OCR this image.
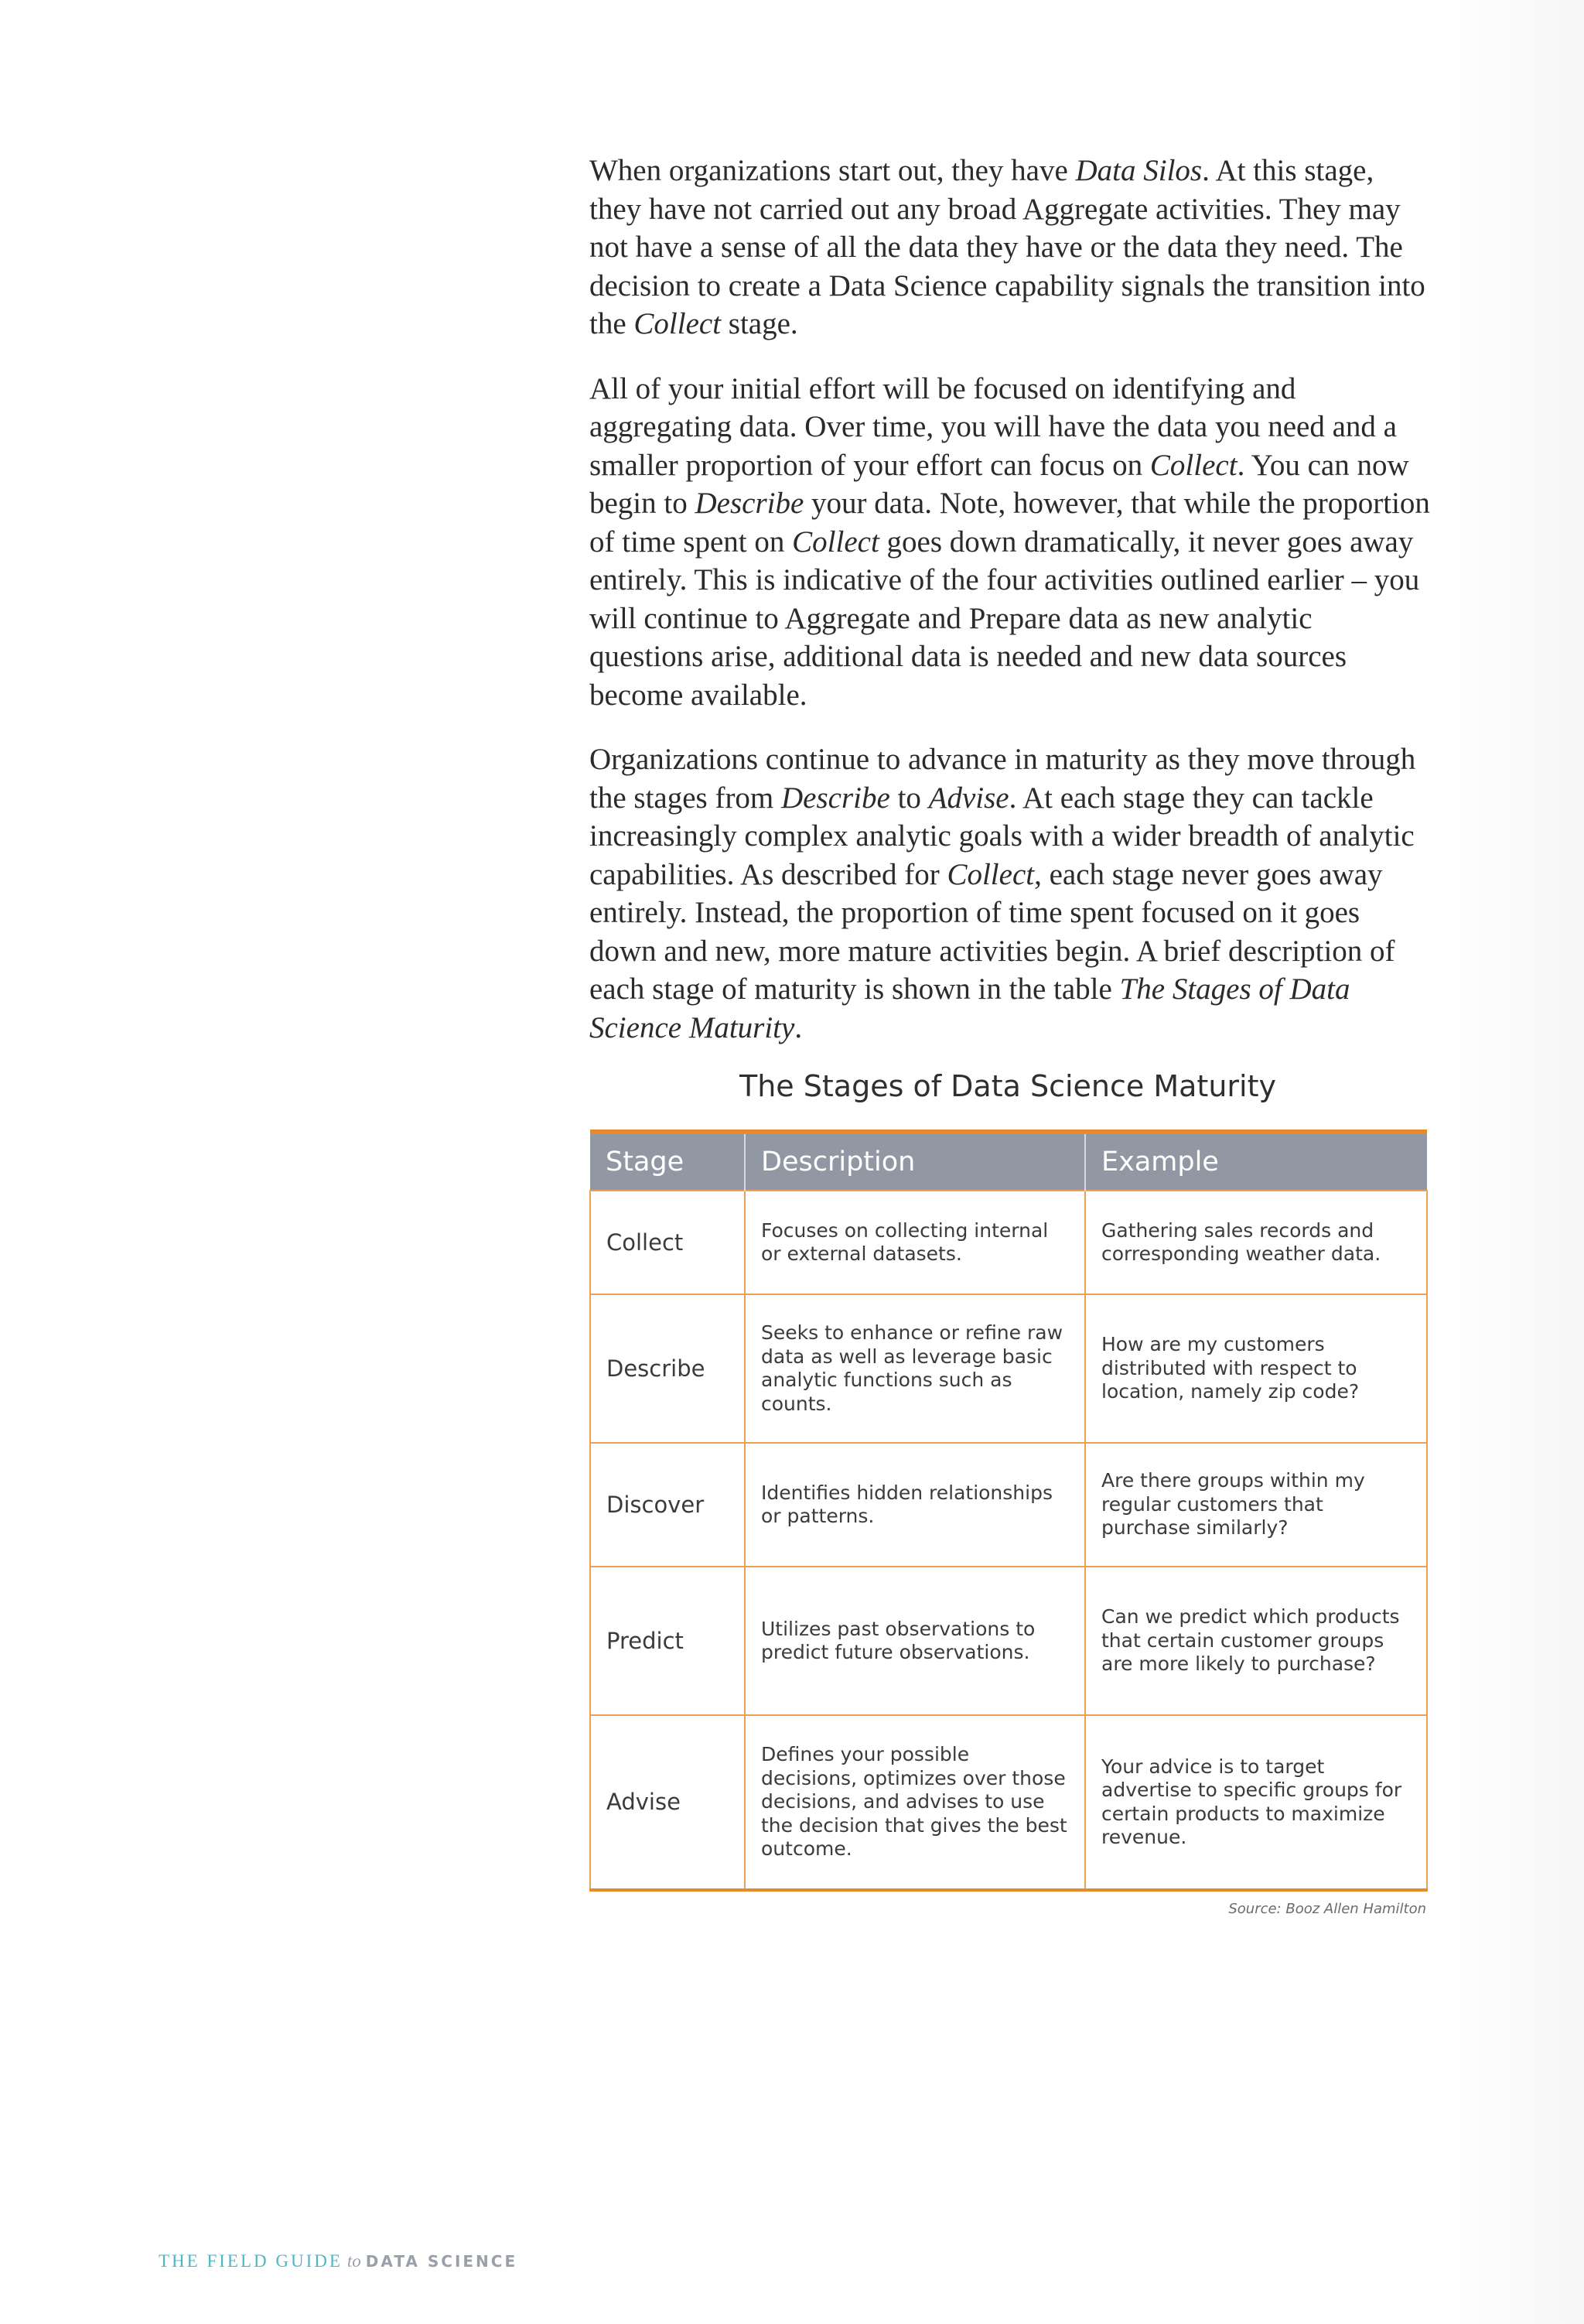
When organizations start out, they have Data Silos. At this stage, they have not carried out any broad Aggregate activities. They may not have a sense of all the data they have or the data they need. The decision to create a Data Science capability signals the transition into the Collect stage.

All of your initial effort will be focused on identifying and aggregating data. Over time, you will have the data you need and a smaller proportion of your effort can focus on Collect. You can now begin to Describe your data. Note, however, that while the proportion of time spent on Collect goes down dramatically, it never goes away entirely. This is indicative of the four activities outlined earlier – you will continue to Aggregate and Prepare data as new analytic questions arise, additional data is needed and new data sources become available.

Organizations continue to advance in maturity as they move through the stages from Describe to Advise. At each stage they can tackle increasingly complex analytic goals with a wider breadth of analytic capabilities. As described for Collect, each stage never goes away entirely. Instead, the proportion of time spent focused on it goes down and new, more mature activities begin. A brief description of each stage of maturity is shown in the table The Stages of Data Science Maturity.

The Stages of Data Science Maturity
Stage	Description	Example
Collect	Focuses on collecting internal or external datasets.	Gathering sales records and corresponding weather data.
Describe	Seeks to enhance or refine raw data as well as leverage basic analytic functions such as counts.	How are my customers distributed with respect to location, namely zip code?
Discover	Identifies hidden relationships or patterns.	Are there groups within my regular customers that purchase similarly?
Predict	Utilizes past observations to predict future observations.	Can we predict which products that certain customer groups are more likely to purchase?
Advise	Defines your possible decisions, optimizes over those decisions, and advises to use the decision that gives the best outcome.	Your advice is to target advertise to specific groups for certain products to maximize revenue.
Source: Booz Allen Hamilton
THE FIELD GUIDE to DATA SCIENCE
